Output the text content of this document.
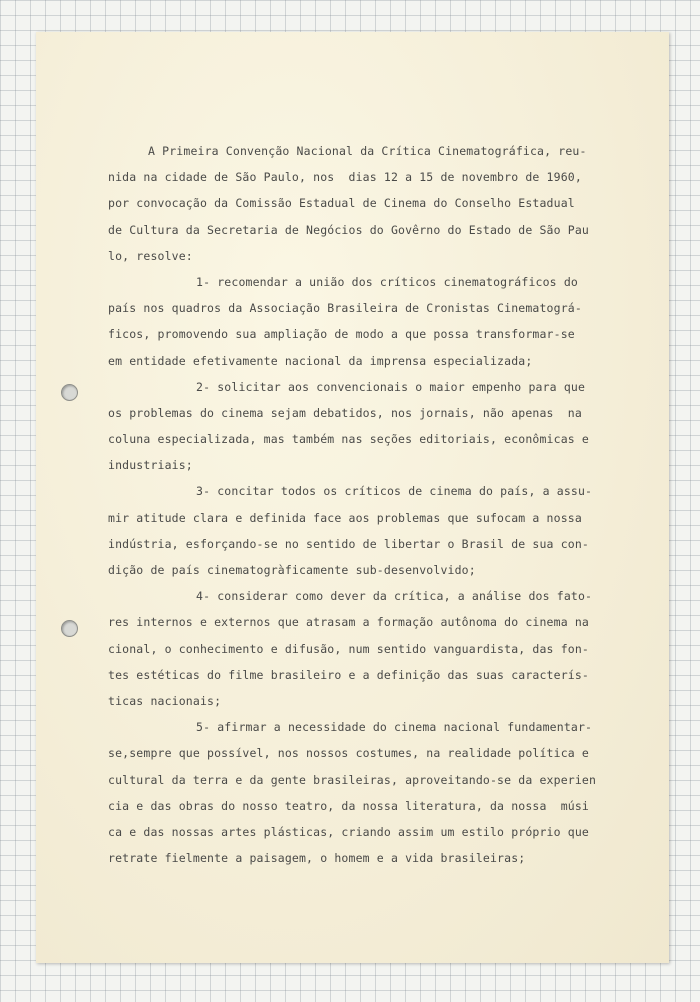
A Primeira Convenção Nacional da Crítica Cinematográfica, reu-
nida na cidade de São Paulo, nos  dias 12 a 15 de novembro de 1960,
por convocação da Comissão Estadual de Cinema do Conselho Estadual
de Cultura da Secretaria de Negócios do Govêrno do Estado de São Pau
lo, resolve:
1- recomendar a união dos críticos cinematográficos do
país nos quadros da Associação Brasileira de Cronistas Cinematográ-
ficos, promovendo sua ampliação de modo a que possa transformar-se
em entidade efetivamente nacional da imprensa especializada;
2- solicitar aos convencionais o maior empenho para que
os problemas do cinema sejam debatidos, nos jornais, não apenas  na
coluna especializada, mas também nas seções editoriais, econômicas e
industriais;
3- concitar todos os críticos de cinema do país, a assu-
mir atitude clara e definida face aos problemas que sufocam a nossa
indústria, esforçando-se no sentido de libertar o Brasil de sua con-
dição de país cinematogràficamente sub-desenvolvido;
4- considerar como dever da crítica, a análise dos fato-
res internos e externos que atrasam a formação autônoma do cinema na
cional, o conhecimento e difusão, num sentido vanguardista, das fon-
tes estéticas do filme brasileiro e a definição das suas caracterís-
ticas nacionais;
5- afirmar a necessidade do cinema nacional fundamentar-
se,sempre que possível, nos nossos costumes, na realidade política e
cultural da terra e da gente brasileiras, aproveitando-se da experien
cia e das obras do nosso teatro, da nossa literatura, da nossa  músi
ca e das nossas artes plásticas, criando assim um estilo próprio que
retrate fielmente a paisagem, o homem e a vida brasileiras;
